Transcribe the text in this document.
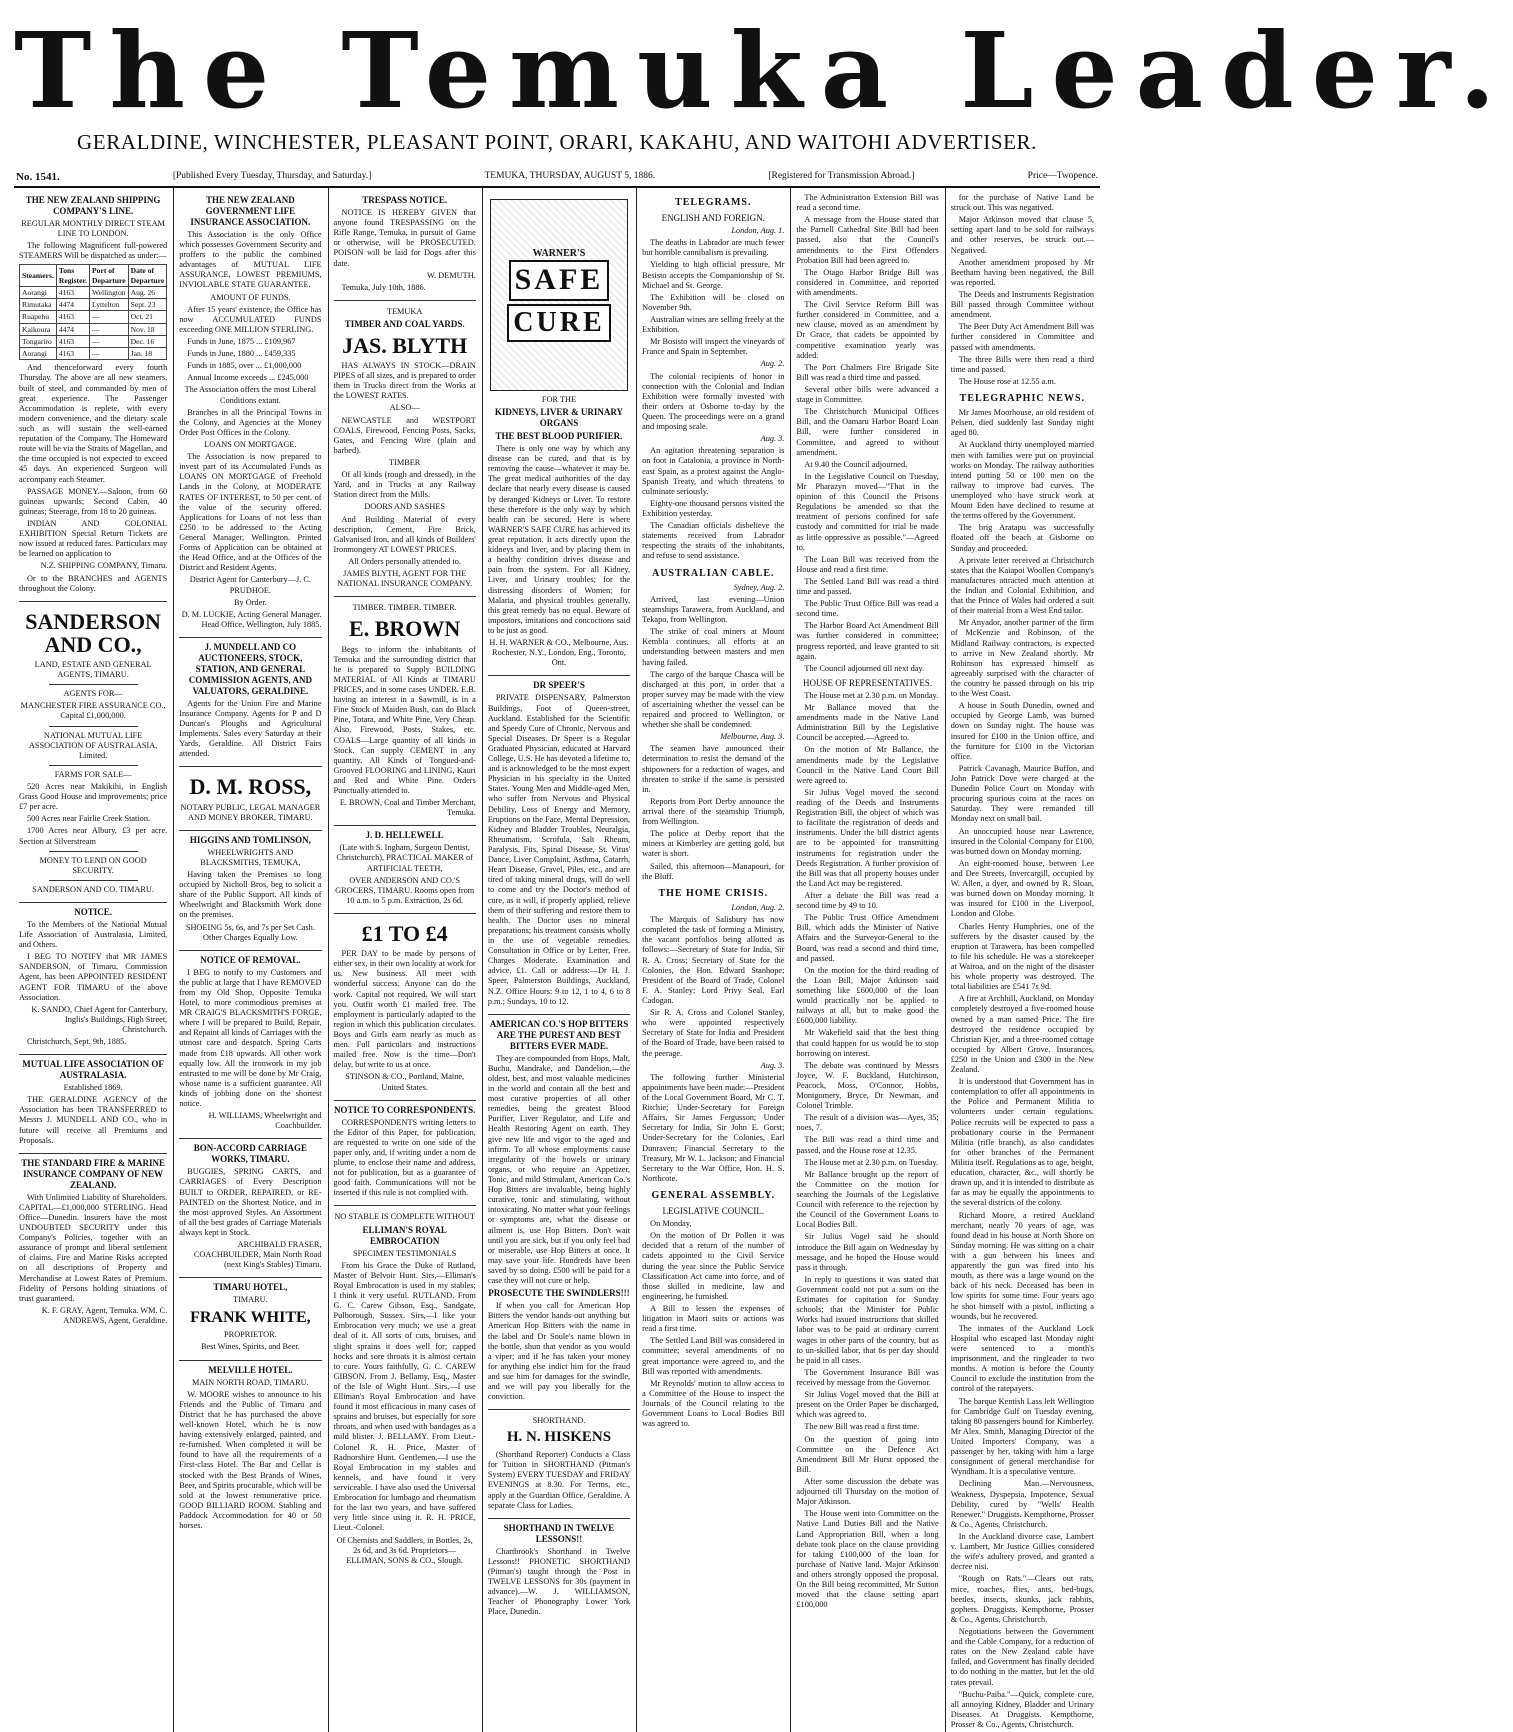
The Temuka Leader.
GERALDINE, WINCHESTER, PLEASANT POINT, ORARI, KAKAHU, AND WAITOHI ADVERTISER.
No. 1541.	[Published Every Tuesday, Thursday, and Saturday.]	TEMUKA, THURSDAY, AUGUST 5, 1886.	[Registered for Transmission Abroad.]	Price—Twopence.
THE NEW ZEALAND SHIPPING COMPANY'S LINE.
REGULAR MONTHLY DIRECT STEAM LINE TO LONDON.
The following Magnificent full-powered STEAMERS Will be dispatched as under:—
Steamers.	Tons Register.	Port of Departure	Date of Departure
Aorangi	4163	Wellington	Aug. 26
Rimutaka	4474	Lyttelton	Sept. 23
Ruapehu	4163	—	Oct. 21
Kaikoura	4474	—	Nov. 18
Tongariro	4163	—	Dec. 16
Aorangi	4163	—	Jan. 18
And thenceforward every fourth Thursday. The above are all new steamers, built of steel, and commanded by men of great experience. The Passenger Accommodation is replete, with every modern convenience, and the dietary scale such as will sustain the well-earned reputation of the Company. The Homeward route will be via the Straits of Magellan, and the time occupied is not expected to exceed 45 days. An experienced Surgeon will accompany each Steamer.
PASSAGE MONEY.—Saloon, from 60 guineas upwards; Second Cabin, 40 guineas; Steerage, from 18 to 20 guineas.
INDIAN AND COLONIAL EXHIBITION Special Return Tickets are now issued at reduced fares. Particulars may be learned on application to
N.Z. SHIPPING COMPANY, Timaru.
Or to the BRANCHES and AGENTS throughout the Colony.
SANDERSON AND CO.,
LAND, ESTATE AND GENERAL AGENTS, TIMARU.
AGENTS FOR—
MANCHESTER FIRE ASSURANCE CO., Capital £1,000,000.
NATIONAL MUTUAL LIFE ASSOCIATION OF AUSTRALASIA, Limited.
FARMS FOR SALE—
520 Acres near Makikihi, in English Grass Good House and improvements; price £7 per acre.
500 Acres near Fairlie Creek Station.
1700 Acres near Albury, £3 per acre. Section at Silverstream
MONEY TO LEND ON GOOD SECURITY.
SANDERSON AND CO. TIMARU.
NOTICE.
To the Members of the National Mutual Life Association of Australasia, Limited, and Others.
I BEG TO NOTIFY that MR JAMES SANDERSON, of Timaru, Commission Agent, has been APPOINTED RESIDENT AGENT FOR TIMARU of the above Association.
K. SANDO, Chief Agent for Canterbury, Inglis's Buildings, High Street, Christchurch.
Christchurch, Sept. 9th, 1885.
MUTUAL LIFE ASSOCIATION OF AUSTRALASIA.
Established 1869.
THE GERALDINE AGENCY of the Association has been TRANSFERRED to Messrs J. MUNDELL AND CO., who in future will receive all Premiums and Proposals.
THE STANDARD FIRE & MARINE INSURANCE COMPANY OF NEW ZEALAND.
With Unlimited Liability of Shareholders. CAPITAL—£1,000,000 STERLING. Head Office—Dunedin. Insurers have the most UNDOUBTED SECURITY under this Company's Policies, together with an assurance of prompt and liberal settlement of claims. Fire and Marine Risks accepted on all descriptions of Property and Merchandise at Lowest Rates of Premium. Fidelity of Persons holding situations of trust guaranteed.
K. F. GRAY, Agent, Temuka. WM. C. ANDREWS, Agent, Geraldine.
THE NEW ZEALAND GOVERNMENT LIFE INSURANCE ASSOCIATION.
This Association is the only Office which possesses Government Security and proffers to the public the combined advantages of MUTUAL LIFE ASSURANCE, LOWEST PREMIUMS, INVIOLABLE STATE GUARANTEE.
AMOUNT OF FUNDS.
After 15 years' existence, the Office has now ACCUMULATED FUNDS exceeding ONE MILLION STERLING.
Funds in June, 1875 ... £109,967
Funds in June, 1880 ... £459,335
Funds in 1885, over ... £1,000,000
Annual Income exceeds ... £245,000
The Association offers the most Liberal Conditions extant.
Branches in all the Principal Towns in the Colony, and Agencies at the Money Order Post Offices in the Colony.
LOANS ON MORTGAGE.
The Association is now prepared to invest part of its Accumulated Funds as LOANS ON MORTGAGE of Freehold Lands in the Colony, at MODERATE RATES OF INTEREST, to 50 per cent. of the value of the security offered. Applications for Loans of not less than £250 to be addressed to the Acting General Manager, Wellington. Printed Forms of Application can be obtained at the Head Office, and at the Offices of the District and Resident Agents.
District Agent for Canterbury—J. C. PRUDHOE.
By Order.
D. M. LUCKIE, Acting General Manager. Head Office, Wellington, July 1885.
J. MUNDELL AND CO AUCTIONEERS, STOCK, STATION, AND GENERAL COMMISSION AGENTS, AND VALUATORS, GERALDINE.
Agents for the Union Fire and Marine Insurance Company. Agents for P and D Duncan's Ploughs and Agricultural Implements. Sales every Saturday at their Yards, Geraldine. All District Fairs attended.
D. M. ROSS,
NOTARY PUBLIC, LEGAL MANAGER AND MONEY BROKER, TIMARU.
HIGGINS AND TOMLINSON,
WHEELWRIGHTS AND BLACKSMITHS, TEMUKA,
Having taken the Premises so long occupied by Nicholl Bros, beg to solicit a share of the Public Support. All kinds of Wheelwright and Blacksmith Work done on the premises.
SHOEING 5s, 6s, and 7s per Set Cash. Other Charges Equally Low.
NOTICE OF REMOVAL.
I BEG to notify to my Customers and the public at large that I have REMOVED from my Old Shop, Opposite Temuka Hotel, to more commodious premises at MR CRAIG'S BLACKSMITH'S FORGE, where I will be prepared to Build, Repair, and Repaint all kinds of Carriages with the utmost care and despatch. Spring Carts made from £18 upwards. All other work equally low. All the ironwork in my job entrusted to me will be done by Mr Craig, whose name is a sufficient guarantee. All kinds of jobbing done on the shortest notice.
H. WILLIAMS, Wheelwright and Coachbuilder.
BON-ACCORD CARRIAGE WORKS, TIMARU.
BUGGIES, SPRING CARTS, and CARRIAGES of Every Description BUILT to ORDER, REPAIRED, or RE-PAINTED on the Shortest Notice, and in the most approved Styles. An Assortment of all the best grades of Carriage Materials always kept in Stock.
ARCHIBALD FRASER, COACHBUILDER, Main North Road (next King's Stables) Timaru.
TIMARU HOTEL,
TIMARU.
FRANK WHITE,
PROPRIETOR.
Best Wines, Spirits, and Beer.
MELVILLE HOTEL.
MAIN NORTH ROAD, TIMARU.
W. MOORE wishes to announce to his Friends and the Public of Timaru and District that he has purchased the above well-known Hotel, which he is now having extensively enlarged, painted, and re-furnished. When completed it will be found to have all the requirements of a First-class Hotel. The Bar and Cellar is stocked with the Best Brands of Wines, Beer, and Spirits procurable, which will be sold at the lowest remunerative price. GOOD BILLIARD ROOM. Stabling and Paddock Accommodation for 40 or 50 horses.
TRESPASS NOTICE.
NOTICE IS HEREBY GIVEN that anyone found TRESPASSING on the Rifle Range, Temuka, in pursuit of Game or otherwise, will be PROSECUTED. POISON will be laid for Dogs after this date.
W. DEMUTH.
Temuka, July 10th, 1886.
TEMUKA
TIMBER AND COAL YARDS.
JAS. BLYTH
HAS ALWAYS IN STOCK—DRAIN PIPES of all sizes, and is prepared to order them in Trucks direct from the Works at the LOWEST RATES.
ALSO—
NEWCASTLE and WESTPORT COALS, Firewood, Fencing Posts, Sacks, Gates, and Fencing Wire (plain and barbed).
TIMBER
Of all kinds (rough and dressed), in the Yard, and in Trucks at any Railway Station direct from the Mills.
DOORS AND SASHES
And Building Material of every description, Cement, Fire Brick, Galvanised Iron, and all kinds of Builders' Ironmongery AT LOWEST PRICES.
All Orders personally attended to.
JAMES BLYTH, AGENT FOR THE NATIONAL INSURANCE COMPANY.
TIMBER. TIMBER. TIMBER.
E. BROWN
Begs to inform the inhabitants of Temuka and the surrounding district that he is prepared to Supply BUILDING MATERIAL of All Kinds at TIMARU PRICES, and in some cases UNDER. E.B. having an interest in a Sawmill, is in a Fine Stock of Maiden Bush, can do Black Pine, Totara, and White Pine, Very Cheap. Also, Firewood, Posts, Stakes, etc. COALS—Large quantity of all kinds in Stock. Can supply CEMENT in any quantity. All Kinds of Tongued-and-Grooved FLOORING and LINING, Kauri and Red and White Pine. Orders Punctually attended to.
E. BROWN, Coal and Timber Merchant, Temuka.
J. D. HELLEWELL
(Late with S. Ingham, Surgeon Dentist, Christchurch), PRACTICAL MAKER of ARTIFICIAL TEETH,
OVER ANDERSON AND CO.'S GROCERS, TIMARU. Rooms open from 10 a.m. to 5 p.m. Extraction, 2s 6d.
£1 TO £4
PER DAY to be made by persons of either sex, in their own locality at work for us. New business. All meet with wonderful success. Anyone can do the work. Capital not required. We will start you. Outfit worth £1 mailed free. The employment is particularly adapted to the region in which this publication circulates. Boys and Girls earn nearly as much as men. Full particulars and instructions mailed free. Now is the time—Don't delay, but write to us at once.
STINSON & CO., Portland, Maine, United States.
NOTICE TO CORRESPONDENTS.
CORRESPONDENTS writing letters to the Editor of this Paper, for publication, are requested to write on one side of the paper only, and, if writing under a nom de plume, to enclose their name and address, not for publication, but as a guarantee of good faith. Communications will not be inserted if this rule is not complied with.
NO STABLE IS COMPLETE WITHOUT
ELLIMAN'S ROYAL EMBROCATION
SPECIMEN TESTIMONIALS
From his Grace the Duke of Rutland, Master of Belvoir Hunt. Sirs,—Elliman's Royal Embrocation is used in my stables; I think it very useful. RUTLAND. From G. C. Carew Gibson, Esq., Sandgate, Pulborough, Sussex. Sirs,—I like your Embrocation very much; we use a great deal of it. All sorts of cuts, bruises, and slight sprains it does well for; capped hocks and sore throats it is almost certain to cure. Yours faithfully, G. C. CAREW GIBSON. From J. Bellamy, Esq., Master of the Isle of Wight Hunt. Sirs,—I use Elliman's Royal Embrocation and have found it most efficacious in many cases of sprains and bruises, but especially for sore throats, and when used with bandages as a mild blister. J. BELLAMY. From Lieut.-Colonel R. H. Price, Master of Radnorshire Hunt. Gentlemen,—I use the Royal Embrocation in my stables and kennels, and have found it very serviceable. I have also used the Universal Embrocation for lumbago and rheumatism for the last two years, and have suffered very little since using it. R. H. PRICE, Lieut.-Colonel.
Of Chemists and Saddlers, in Bottles, 2s, 2s 6d, and 3s 6d. Proprietors—ELLIMAN, SONS & CO., Slough.
WARNER'S
SAFE
CURE
FOR THE
KIDNEYS, LIVER & URINARY ORGANS
THE BEST BLOOD PURIFIER.
There is only one way by which any disease can be cured, and that is by removing the cause—whatever it may be. The great medical authorities of the day declare that nearly every disease is caused by deranged Kidneys or Liver. To restore these therefore is the only way by which health can be secured. Here is where WARNER'S SAFE CURE has achieved its great reputation. It acts directly upon the kidneys and liver, and by placing them in a healthy condition drives disease and pain from the system. For all Kidney, Liver, and Urinary troubles; for the distressing disorders of Women; for Malaria, and physical troubles generally, this great remedy has no equal. Beware of impostors, imitations and concoctions said to be just as good.
H. H. WARNER & CO., Melbourne, Aus. Rochester, N.Y., London, Eng., Toronto, Ont.
DR SPEER'S
PRIVATE DISPENSARY, Palmerston Buildings, Foot of Queen-street, Auckland. Established for the Scientific and Speedy Cure of Chronic, Nervous and Special Diseases. Dr Speer is a Regular Graduated Physician, educated at Harvard College, U.S. He has devoted a lifetime to, and is acknowledged to be the most expert Physician in his specialty in the United States. Young Men and Middle-aged Men, who suffer from Nervous and Physical Debility, Loss of Energy and Memory, Eruptions on the Face, Mental Depression, Kidney and Bladder Troubles, Neuralgia, Rheumatism, Scrofula, Salt Rheum, Paralysis, Fits, Spinal Disease, St. Vitus' Dance, Liver Complaint, Asthma, Catarrh, Heart Disease, Gravel, Piles, etc., and are tired of taking mineral drugs, will do well to come and try the Doctor's method of cure, as it will, if properly applied, relieve them of their suffering and restore them to health. The Doctor uses no mineral preparations; his treatment consists wholly in the use of vegetable remedies. Consultation in Office or by Letter, Free. Charges Moderate. Examination and advice, £1. Call or address:—Dr H. J. Speer, Palmerston Buildings, Auckland, N.Z. Office Hours: 9 to 12, 1 to 4, 6 to 8 p.m.; Sundays, 10 to 12.
AMERICAN CO.'S HOP BITTERS ARE THE PUREST AND BEST BITTERS EVER MADE.
They are compounded from Hops, Malt, Buchu, Mandrake, and Dandelion,—the oldest, best, and most valuable medicines in the world and contain all the best and most curative properties of all other remedies, being the greatest Blood Purifier, Liver Regulator, and Life and Health Restoring Agent on earth. They give new life and vigor to the aged and infirm. To all whose employments cause irregularity of the bowels or urinary organs, or who require an Appetizer, Tonic, and mild Stimulant, American Co.'s Hop Bitters are invaluable, being highly curative, tonic and stimulating, without intoxicating. No matter what your feelings or symptoms are, what the disease or ailment is, use Hop Bitters. Don't wait until you are sick, but if you only feel bad or miserable, use Hop Bitters at once. It may save your life. Hundreds have been saved by so doing. £500 will be paid for a case they will not cure or help.
PROSECUTE THE SWINDLERS!!!
If when you call for American Hop Bitters the vendor hands out anything but American Hop Bitters with the name in the label and Dr Soule's name blown in the bottle, shun that vendor as you would a viper; and if he has taken your money for anything else indict him for the fraud and sue him for damages for the swindle, and we will pay you liberally for the conviction.
SHORTHAND.
H. N. HISKENS
(Shorthand Reporter) Conducts a Class for Tuition in SHORTHAND (Pitman's System) EVERY TUESDAY and FRIDAY EVENINGS at 8.30. For Terms, etc., apply at the Guardian Office, Geraldine. A separate Class for Ladies.
SHORTHAND IN TWELVE LESSONS!!
Chartbrook's Shorthand in Twelve Lessons!! PHONETIC SHORTHAND (Pitman's) taught through the Post in TWELVE LESSONS for 30s (payment in advance).—W. J. WILLIAMSON, Teacher of Phonography Lower York Place, Dunedin.
TELEGRAMS.
ENGLISH AND FOREIGN.
London, Aug. 1.
The deaths in Labrador are much fewer but horrible cannibalism is prevailing.
Yielding to high official pressure, Mr Besisto accepts the Companionship of St. Michael and St. George.
The Exhibition will be closed on November 9th.
Australian wines are selling freely at the Exhibition.
Mr Bosisto will inspect the vineyards of France and Spain in September.
Aug. 2.
The colonial recipients of honor in connection with the Colonial and Indian Exhibition were formally invested with their orders at Osborne to-day by the Queen. The proceedings were on a grand and imposing scale.
Aug. 3.
An agitation threatening separation is on foot in Catalonia, a province in North-east Spain, as a protest against the Anglo-Spanish Treaty, and which threatens to culminate seriously.
Eighty-one thousand persons visited the Exhibition yesterday.
The Canadian officials disbelieve the statements received from Labrador respecting the straits of the inhabitants, and refuse to send assistance.
AUSTRALIAN CABLE.
Sydney, Aug. 2.
Arrived, last evening—Union steamships Tarawera, from Auckland, and Tekapo, from Wellington.
The strike of coal miners at Mount Kembla continues, all efforts at an understanding between masters and men having failed.
The cargo of the barque Chasca will be discharged at this port, in order that a proper survey may be made with the view of ascertaining whether the vessel can be repaired and proceed to Wellington, or whether she shall be condemned.
Melbourne, Aug. 3.
The seamen have announced their determination to resist the demand of the shipowners for a reduction of wages, and threaten to strike if the same is persisted in.
Reports from Port Derby announce the arrival there of the steamship Triumph, from Wellington.
The police at Derby report that the miners at Kimberley are getting gold, but water is short.
Sailed, this afternoon—Manapouri, for the Bluff.
THE HOME CRISIS.
London, Aug. 2.
The Marquis of Salisbury has now completed the task of forming a Ministry, the vacant portfolios being allotted as follows:—Secretary of State for India, Sir R. A. Cross; Secretary of State for the Colonies, the Hon. Edward Stanhope; President of the Board of Trade, Colonel F. A. Stanley; Lord Privy Seal, Earl Cadogan.
Sir R. A. Cross and Colonel Stanley, who were appointed respectively Secretary of State for India and President of the Board of Trade, have been raised to the peerage.
Aug. 3.
The following further Ministerial appointments have been made:—President of the Local Government Board, Mr C. T. Ritchie; Under-Secretary for Foreign Affairs, Sir James Fergusson; Under Secretary for India, Sir John E. Gorst; Under-Secretary for the Colonies, Earl Dunraven; Financial Secretary to the Treasury, Mr W. L. Jackson; and Financial Secretary to the War Office, Hon. H. S. Northcote.
GENERAL ASSEMBLY.
LEGISLATIVE COUNCIL.
On Monday,
On the motion of Dr Pollen it was decided that a return of the number of cadets appointed to the Civil Service during the year since the Public Service Classification Act came into force, and of those skilled in medicine, law and engineering, be furnished.
A Bill to lessen the expenses of litigation in Maori suits or actions was read a first time.
The Settled Land Bill was considered in committee; several amendments of no great importance were agreed to, and the Bill was reported with amendments.
Mr Reynolds' motion to allow access to a Committee of the House to inspect the Journals of the Council relating to the Government Loans to Local Bodies Bill was agreed to.
The Administration Extension Bill was read a second time.
A message from the House stated that the Parnell Cathedral Site Bill had been passed, also that the Council's amendments to the First Offenders Probation Bill had been agreed to.
The Otago Harbor Bridge Bill was considered in Committee, and reported with amendments.
The Civil Service Reform Bill was further considered in Committee, and a new clause, moved as an amendment by Dr Grace, that cadets be appointed by competitive examination yearly was added.
The Port Chalmers Fire Brigade Site Bill was read a third time and passed.
Several other bills were advanced a stage in Committee.
The Christchurch Municipal Offices Bill, and the Oamaru Harbor Board Loan Bill, were further considered in Committee, and agreed to without amendment.
At 9.40 the Council adjourned.
In the Legislative Council on Tuesday, Mr Pharazyn moved—"That in the opinion of this Council the Prisons Regulations be amended so that the treatment of persons confined for safe custody and committed for trial be made as little oppressive as possible."—Agreed to.
The Loan Bill was received from the House and read a first time.
The Settled Land Bill was read a third time and passed.
The Public Trust Office Bill was read a second time.
The Harbor Board Act Amendment Bill was further considered in committee; progress reported, and leave granted to sit again.
The Council adjourned till next day.
HOUSE OF REPRESENTATIVES.
The House met at 2.30 p.m. on Monday.
Mr Ballance moved that the amendments made in the Native Land Administration Bill by the Legislative Council be accepted.—Agreed to.
On the motion of Mr Ballance, the amendments made by the Legislative Council in the Native Land Court Bill were agreed to.
Sir Julius Vogel moved the second reading of the Deeds and Instruments Registration Bill, the object of which was to facilitate the registration of deeds and instruments. Under the bill district agents are to be appointed for transmitting instruments for registration under the Deeds Registration. A further provision of the Bill was that all property houses under the Land Act may be registered.
After a debate the Bill was read a second time by 49 to 10.
The Public Trust Office Amendment Bill, which adds the Minister of Native Affairs and the Surveyor-General to the Board, was read a second and third time, and passed.
On the motion for the third reading of the Loan Bill, Major Atkinson said something like £600,000 of the loan would practically not be applied to railways at all, but to make good the £600,000 liability.
Mr Wakefield said that the best thing that could happen for us would be to stop borrowing on interest.
The debate was continued by Messrs Joyce, W. F. Buckland, Hutchinson, Peacock, Moss, O'Connor, Hobbs, Montgomery, Bryce, Dr Newman, and Colonel Trimble.
The result of a division was—Ayes, 35; noes, 7.
The Bill was read a third time and passed, and the House rose at 12.35.
The House met at 2.30 p.m. on Tuesday.
Mr Ballance brought up the report of the Committee on the motion for searching the Journals of the Legislative Council with reference to the rejection by the Council of the Government Loans to Local Bodies Bill.
Sir Julius Vogel said he should introduce the Bill again on Wednesday by message, and he hoped the House would pass it through.
In reply to questions it was stated that Government could not put a sum on the Estimates for capitation for Sunday schools; that the Minister for Public Works had issued instructions that skilled labor was to be paid at ordinary current wages in other parts of the country, but as to un-skilled labor, that 6s per day should be paid in all cases.
The Government Insurance Bill was received by message from the Governor.
Sir Julius Vogel moved that the Bill at present on the Order Paper be discharged, which was agreed to.
The new Bill was read a first time.
On the question of going into Committee on the Defence Act Amendment Bill Mr Hurst opposed the Bill.
After some discussion the debate was adjourned till Thursday on the motion of Major Atkinson.
The House went into Committee on the Native Land Duties Bill and the Native Land Appropriation Bill, when a long debate took place on the clause providing for taking £100,000 of the loan for purchase of Native land. Major Atkinson and others strongly opposed the proposal. On the Bill being recommitted, Mr Sutton moved that the clause setting apart £100,000
for the purchase of Native Land be struck out. This was negatived.
Major Atkinson moved that clause 5, setting apart land to be sold for railways and other reserves, be struck out.—Negatived.
Another amendment proposed by Mr Beetham having been negatived, the Bill was reported.
The Deeds and Instruments Registration Bill passed through Committee without amendment.
The Beer Duty Act Amendment Bill was further considered in Committee and passed with amendments.
The three Bills were then read a third time and passed.
The House rose at 12.55 a.m.
TELEGRAPHIC NEWS.
Mr James Moorhouse, an old resident of Pelsen, died suddenly last Sunday night aged 80.
At Auckland thirty unemployed married men with families were put on provincial works on Monday. The railway authorities intend putting 50 or 100 men on the railway to improve bad curves. The unemployed who have struck work at Mount Eden have declined to resume at the terms offered by the Government.
The brig Aratapu was successfully floated off the beach at Gisborne on Sunday and proceeded.
A private letter received at Christchurch states that the Kaiapoi Woollen Company's manufactures attracted much attention at the Indian and Colonial Exhibition, and that the Prince of Wales had ordered a suit of their material from a West End tailor.
Mr Anyador, another partner of the firm of McKenzie and Robinson, of the Midland Railway contractors, is expected to arrive in New Zealand shortly. Mr Robinson has expressed himself as agreeably surprised with the character of the country he passed through on his trip to the West Coast.
A house in South Dunedin, owned and occupied by George Lamb, was burned down on Sunday night. The house was insured for £100 in the Union office, and the furniture for £100 in the Victorian office.
Patrick Cavanagh, Maurice Buffon, and John Patrick Dove were charged at the Dunedin Police Court on Monday with procuring spurious coins at the races on Saturday. They were remanded till Monday next on small bail.
An unoccupied house near Lawrence, insured in the Colonial Company for £100, was burned down on Monday morning.
An eight-roomed house, between Lee and Dee Streets, Invercargill, occupied by W. Allen, a dyer, and owned by R. Sloan, was burned down on Monday morning. It was insured for £100 in the Liverpool, London and Globe.
Charles Henry Humphries, one of the sufferers by the disaster caused by the eruption at Tarawera, has been compelled to file his schedule. He was a storekeeper at Wairoa, and on the night of the disaster his whole property was destroyed. The total liabilities are £541 7s 9d.
A fire at Archhill, Auckland, on Monday completely destroyed a five-roomed house owned by a man named Price. The fire destroyed the residence occupied by Christian Kjer, and a three-roomed cottage occupied by Albert Grove. Insurances, £250 in the Union and £300 in the New Zealand.
It is understood that Government has in contemplation to offer all appointments in the Police and Permanent Militia to volunteers under certain regulations. Police recruits will be expected to pass a probationary course in the Permanent Militia (rifle branch), as also candidates for other branches of the Permanent Militia itself. Regulations as to age, height, education, character, &c., will shortly be drawn up, and it is intended to distribute as far as may be equally the appointments to the several districts of the colony.
Richard Moore, a retired Auckland merchant, nearly 70 years of age, was found dead in his house at North Shore on Sunday morning. He was sitting on a chair with a gun between his knees and apparently the gun was fired into his mouth, as there was a large wound on the back of his neck. Deceased has been in low spirits for some time. Four years ago he shot himself with a pistol, inflicting a wounds, but he recovered.
The inmates of the Auckland Lock Hospital who escaped last Monday night were sentenced to a month's imprisonment, and the ringleader to two months. A motion is before the County Council to exclude the institution from the control of the ratepayers.
The barque Kentish Lass left Wellington for Cambridge Gulf on Tuesday evening, taking 80 passengers bound for Kimberley. Mr Alex. Smith, Managing Director of the United Importers' Company, was a passenger by her, taking with him a large consignment of general merchandise for Wyndham. It is a speculative venture.
Declining Man.—Nervousness, Weakness, Dyspepsia, Impotence, Sexual Debility, cured by "Wells' Health Renewer." Druggists. Kempthorne, Prosser & Co., Agents, Christchurch.
In the Auckland divorce case, Lambert v. Lambert, Mr Justice Gillies considered the wife's adultery proved, and granted a decree nisi.
"Rough on Rats."—Clears out rats, mice, roaches, flies, ants, bed-bugs, beetles, insects, skunks, jack rabbits, gophers. Druggists. Kempthorne, Prosser & Co., Agents, Christchurch.
Negotiations between the Government and the Cable Company, for a reduction of rates on the New Zealand cable have failed, and Government has finally decided to do nothing in the matter, but let the old rates prevail.
"Buchu-Paiba."—Quick, complete cure, all annoying Kidney, Bladder and Urinary Diseases. At Druggists. Kempthorne, Prosser & Co., Agents, Christchurch.
